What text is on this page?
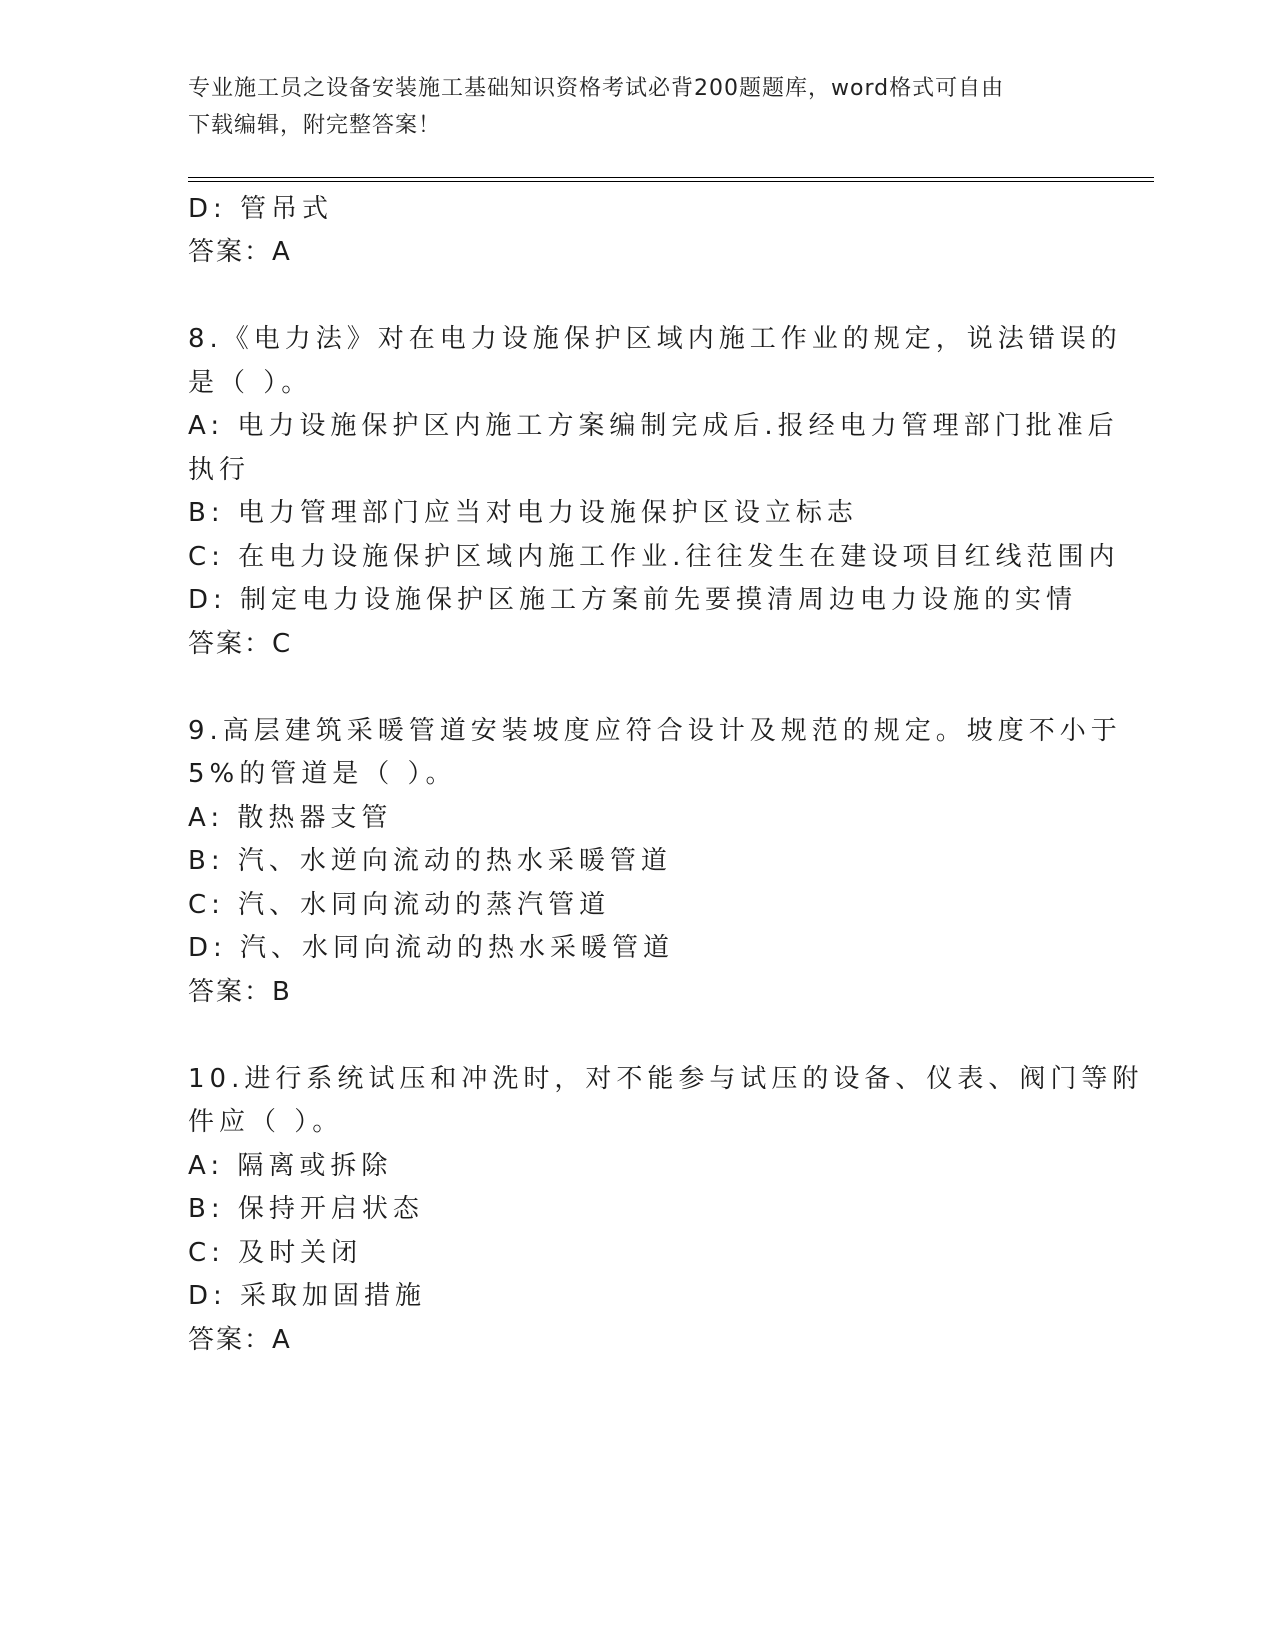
专业施工员之设备安装施工基础知识资格考试必背200题题库，word格式可自由
下载编辑，附完整答案！
D: 管吊式
答案：A
8.《电力法》对在电力设施保护区域内施工作业的规定，说法错误的
是（ ）。
A: 电力设施保护区内施工方案编制完成后.报经电力管理部门批准后
执行
B: 电力管理部门应当对电力设施保护区设立标志
C: 在电力设施保护区域内施工作业.往往发生在建设项目红线范围内
D: 制定电力设施保护区施工方案前先要摸清周边电力设施的实情
答案：C
9.高层建筑采暖管道安装坡度应符合设计及规范的规定。坡度不小于
5%的管道是（ ）。
A: 散热器支管
B: 汽、水逆向流动的热水采暖管道
C: 汽、水同向流动的蒸汽管道
D: 汽、水同向流动的热水采暖管道
答案：B
10.进行系统试压和冲洗时，对不能参与试压的设备、仪表、阀门等附
件应（ ）。
A: 隔离或拆除
B: 保持开启状态
C: 及时关闭
D: 采取加固措施
答案：A
